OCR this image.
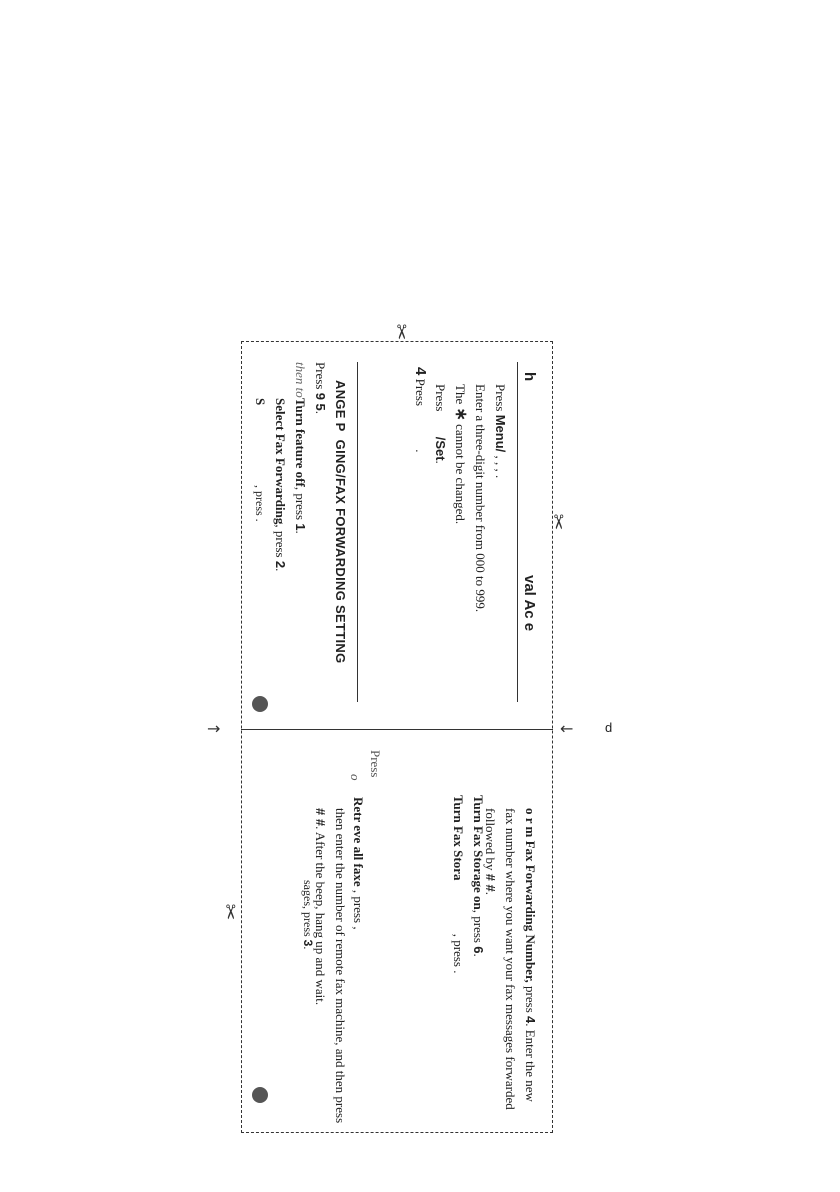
→	← d
✂
✂
✂
h
val Ac e
Press Menu/ , , , .
Enter a three-digit number from 000 to 999.
The ∗ cannot be changed.
Press /Set.
4 Press .
ANGE PGING/FAX FORWARDING SETTING
Press 9 5.
then to
Turn feature off, press 1.
Select Fax Forwarding, press 2.
S
, press .
o r m Fax Forwarding Number, press 4. Enter the new
fax number where you want your fax messages forwarded
followed by # #.
Turn Fax Storage on, press 6.
Turn Fax Stora , press .
Press
o
Retr eve all faxe , press ,
then enter the number of remote fax machine, and then press
# #. After the beep, hang up and wait.
sages, press 3.
